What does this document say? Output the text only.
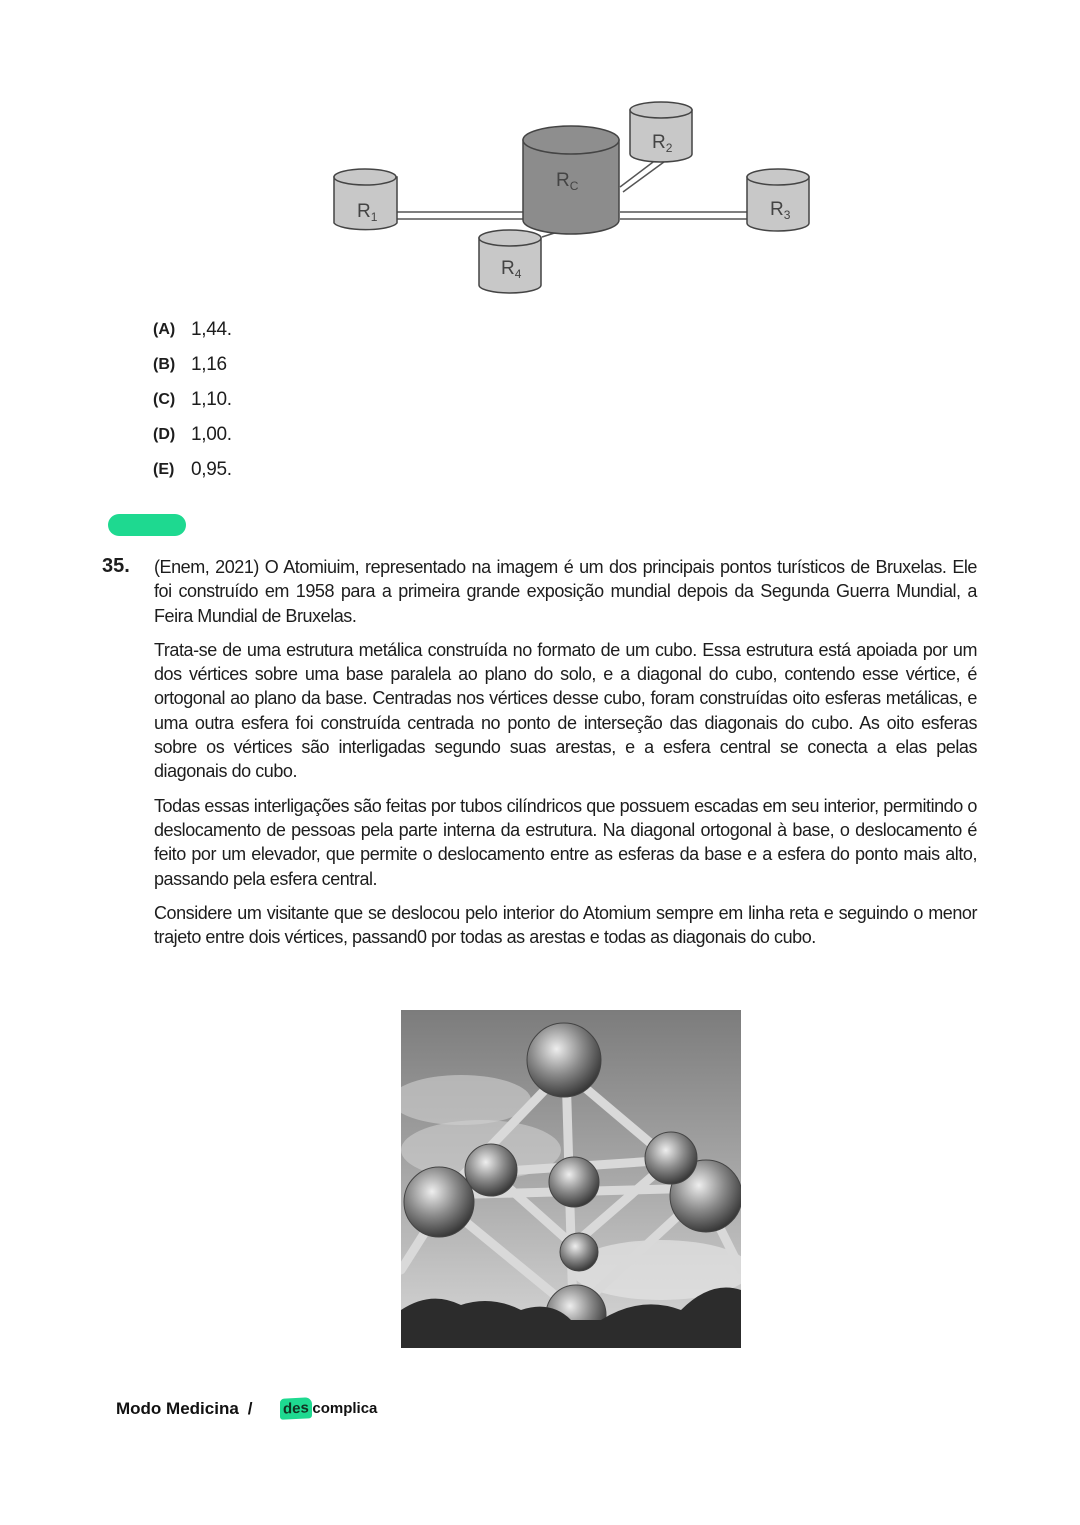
$R_1$
$R_2$
$R_3$
$R_4$
$R_C$
(A) 1,44.
(B) 1,16
(C) 1,10.
(D) 1,00.
(E) 0,95.
35. (Enem, 2021) O Atomiuim, representado na imagem é um dos principais pontos turísticos de Bruxelas. Ele foi construído em 1958 para a primeira grande exposição mundial depois da Segunda Guerra Mundial, a Feira Mundial de Bruxelas.

Trata-se de uma estrutura metálica construída no formato de um cubo. Essa estrutura está apoiada por um dos vértices sobre uma base paralela ao plano do solo, e a diagonal do cubo, contendo esse vértice, é ortogonal ao plano da base. Centradas nos vértices desse cubo, foram construídas oito esferas metálicas, e uma outra esfera foi construída centrada no ponto de interseção das diagonais do cubo. As oito esferas sobre os vértices são interligadas segundo suas arestas, e a esfera central se conecta a elas pelas diagonais do cubo.

Todas essas interligações são feitas por tubos cilíndricos que possuem escadas em seu interior, permitindo o deslocamento de pessoas pela parte interna da estrutura. Na diagonal ortogonal à base, o deslocamento é feito por um elevador, que permite o deslocamento entre as esferas da base e a esfera do ponto mais alto, passando pela esfera central.

Considere um visitante que se deslocou pelo interior do Atomium sempre em linha reta e seguindo o menor trajeto entre dois vértices, passand0 por todas as arestas e todas as diagonais do cubo.

Modo Medicina / des complica
